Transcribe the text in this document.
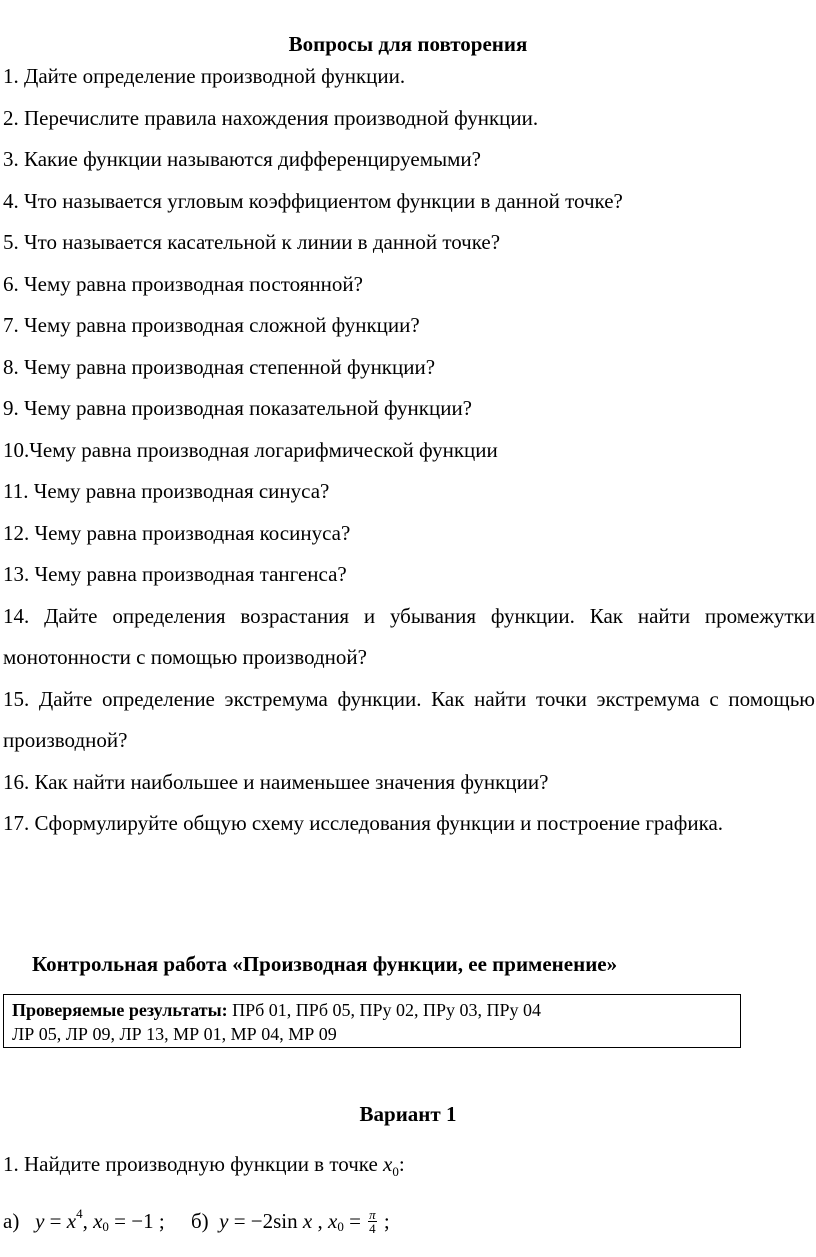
Вопросы для повторения
1. Дайте определение производной функции.
2. Перечислите правила нахождения производной функции.
3. Какие функции называются дифференцируемыми?
4. Что называется угловым коэффициентом функции в данной точке?
5. Что называется касательной к линии в данной точке?
6. Чему равна производная постоянной?
7. Чему равна производная сложной функции?
8. Чему равна производная степенной функции?
9. Чему равна производная показательной функции?
10.Чему равна производная логарифмической функции
11. Чему равна производная синуса?
12. Чему равна производная косинуса?
13. Чему равна производная тангенса?
14. Дайте определения возрастания и убывания функции. Как найти промежутки монотонности с помощью производной?
15. Дайте определение экстремума функции. Как найти точки экстремума с помощью производной?
16. Как найти наибольшее и наименьшее значения функции?
17. Сформулируйте общую схему исследования функции и построение графика.
Контрольная работа «Производная функции, ее применение»
Проверяемые результаты: ПРб 01, ПРб 05, ПРу 02, ПРу 03, ПРу 04
ЛР 05, ЛР 09, ЛР 13, МР 01, МР 04, МР 09
Вариант 1
1. Найдите производную функции в точке $x_0$:
а) $y = x^4$, $x_0 = -1$ ; б) y = −2sin x , $x_0 = \frac{\pi}{4}$ ;
